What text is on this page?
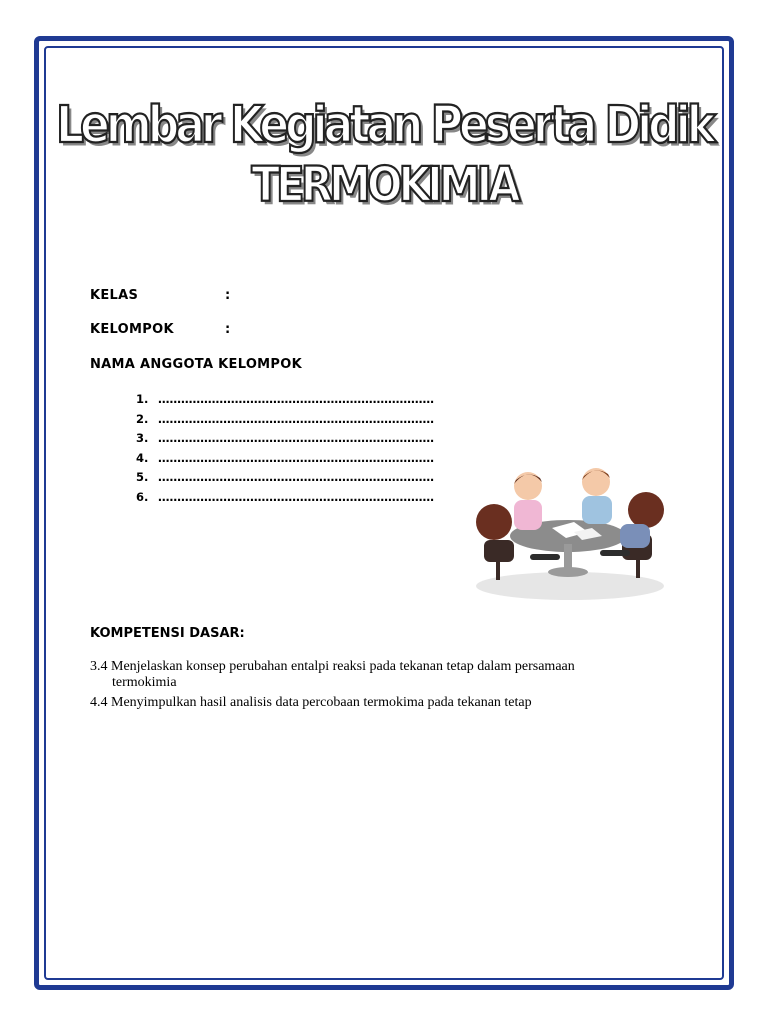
Lembar Kegiatan Peserta Didik
TERMOKIMIA
KELAS	:
KELOMPOK	:
NAMA ANGGOTA KELOMPOK
1. ………………………………………………………………
2. ………………………………………………………………
3. ………………………………………………………………
4. ………………………………………………………………
5. ………………………………………………………………
6. ………………………………………………………………
KOMPETENSI DASAR:
3.4 Menjelaskan konsep perubahan entalpi reaksi pada tekanan tetap dalam persamaan
termokimia
4.4 Menyimpulkan hasil analisis data percobaan termokima pada tekanan tetap
